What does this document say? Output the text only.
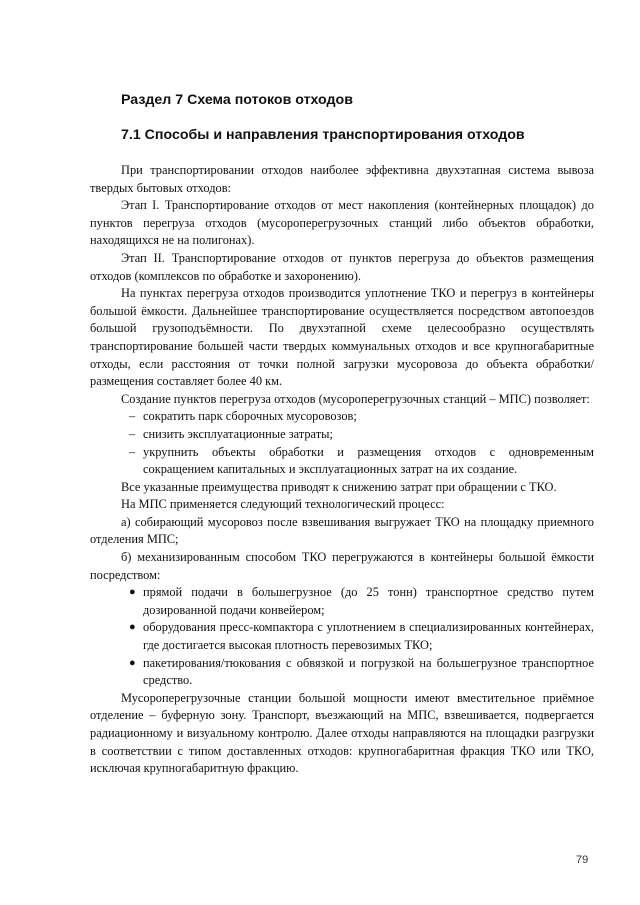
Раздел 7 Схема потоков отходов
7.1 Способы и направления транспортирования отходов

При транспортировании отходов наиболее эффективна двухэтапная система вывоза твердых бытовых отходов:

Этап I. Транспортирование отходов от мест накопления (контейнерных площадок) до пунктов перегруза отходов (мусороперегрузочных станций либо объектов обработки, находящихся не на полигонах).

Этап II. Транспортирование отходов от пунктов перегруза до объектов размещения отходов (комплексов по обработке и захоронению).

На пунктах перегруза отходов производится уплотнение ТКО и перегруз в контейнеры большой ёмкости. Дальнейшее транспортирование осуществляется посредством автопоездов большой грузоподъёмности. По двухэтапной схеме целесообразно осуществлять транспортирование большей части твердых коммунальных отходов и все крупногабаритные отходы, если расстояния от точки полной загрузки мусоровоза до объекта обработки/размещения составляет более 40 км.

Создание пунктов перегруза отходов (мусороперегрузочных станций – МПС) позволяет:

– сократить парк сборочных мусоровозов;
– снизить эксплуатационные затраты;
– укрупнить объекты обработки и размещения отходов с одновременным сокращением капитальных и эксплуатационных затрат на их создание.

Все указанные преимущества приводят к снижению затрат при обращении с ТКО.

На МПС применяется следующий технологический процесс:

а) собирающий мусоровоз после взвешивания выгружает ТКО на площадку приемного отделения МПС;

б) механизированным способом ТКО перегружаются в контейнеры большой ёмкости посредством:

● прямой подачи в большегрузное (до 25 тонн) транспортное средство путем дозированной подачи конвейером;
● оборудования пресс-компактора с уплотнением в специализированных контейнерах, где достигается высокая плотность перевозимых ТКО;
● пакетирования/тюкования с обвязкой и погрузкой на большегрузное транспортное средство.

Мусороперегрузочные станции большой мощности имеют вместительное приёмное отделение – буферную зону. Транспорт, въезжающий на МПС, взвешивается, подвергается радиационному и визуальному контролю. Далее отходы направляются на площадки разгрузки в соответствии с типом доставленных отходов: крупногабаритная фракция ТКО или ТКО, исключая крупногабаритную фракцию.

79
